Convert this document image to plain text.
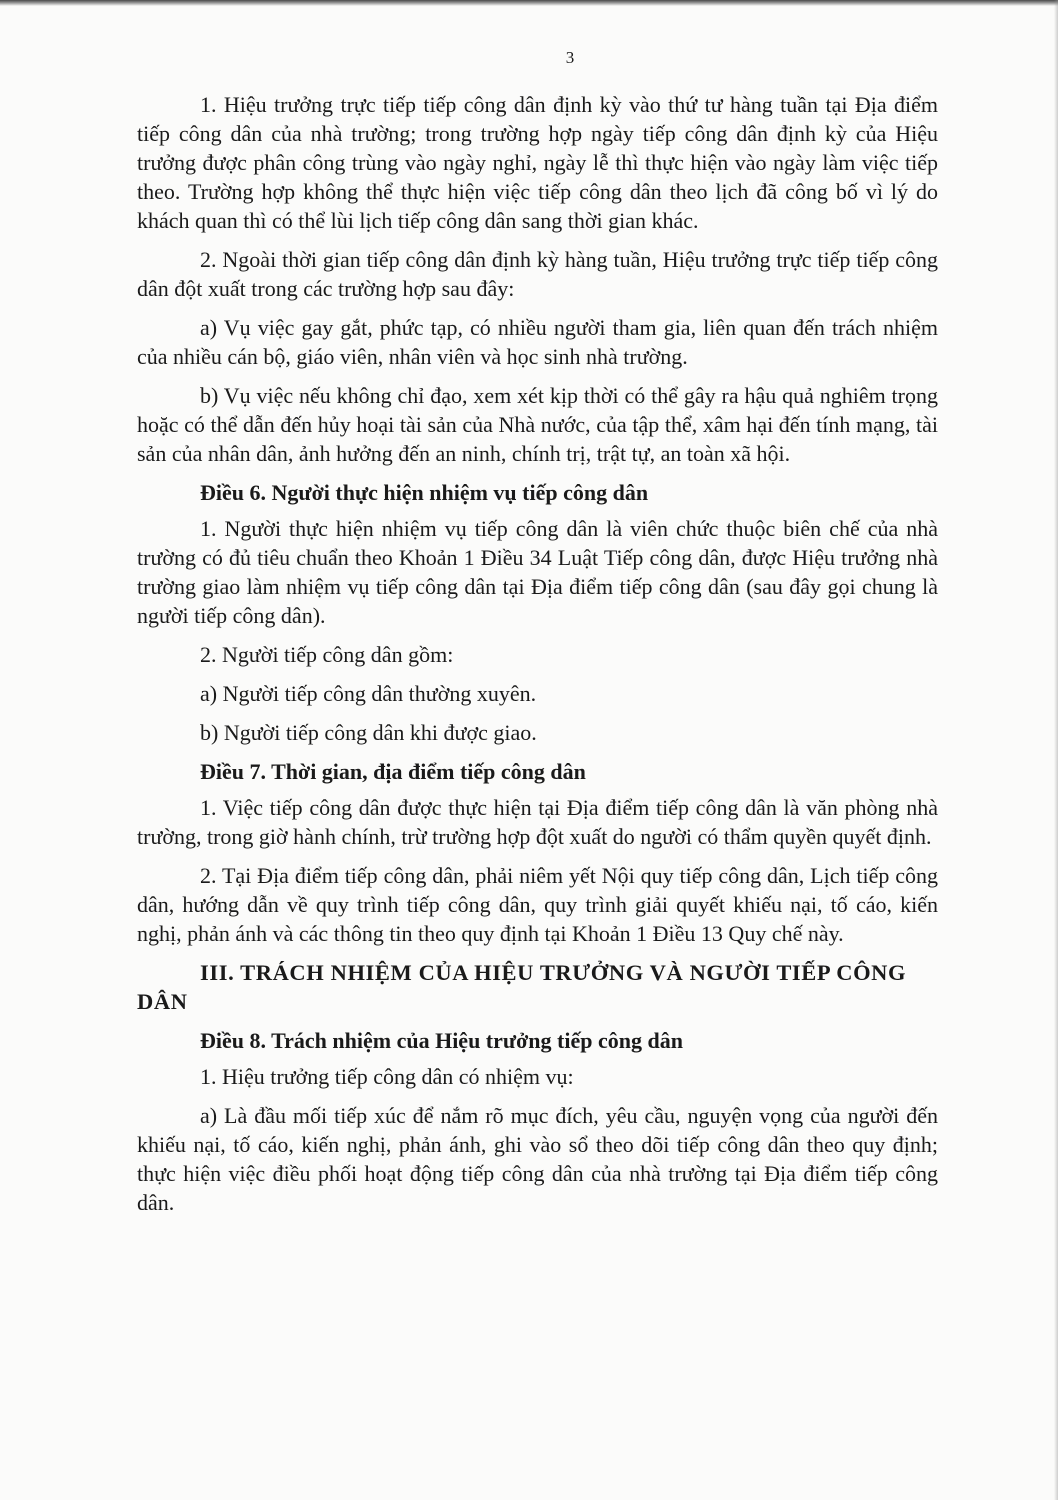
3

1. Hiệu trưởng trực tiếp tiếp công dân định kỳ vào thứ tư hàng tuần tại Địa điểm tiếp công dân của nhà trường; trong trường hợp ngày tiếp công dân định kỳ của Hiệu trưởng được phân công trùng vào ngày nghỉ, ngày lễ thì thực hiện vào ngày làm việc tiếp theo. Trường hợp không thể thực hiện việc tiếp công dân theo lịch đã công bố vì lý do khách quan thì có thể lùi lịch tiếp công dân sang thời gian khác.

2. Ngoài thời gian tiếp công dân định kỳ hàng tuần, Hiệu trưởng trực tiếp tiếp công dân đột xuất trong các trường hợp sau đây:

a) Vụ việc gay gắt, phức tạp, có nhiều người tham gia, liên quan đến trách nhiệm của nhiều cán bộ, giáo viên, nhân viên và học sinh nhà trường.

b) Vụ việc nếu không chỉ đạo, xem xét kịp thời có thể gây ra hậu quả nghiêm trọng hoặc có thể dẫn đến hủy hoại tài sản của Nhà nước, của tập thể, xâm hại đến tính mạng, tài sản của nhân dân, ảnh hưởng đến an ninh, chính trị, trật tự, an toàn xã hội.

Điều 6. Người thực hiện nhiệm vụ tiếp công dân

1. Người thực hiện nhiệm vụ tiếp công dân là viên chức thuộc biên chế của nhà trường có đủ tiêu chuẩn theo Khoản 1 Điều 34 Luật Tiếp công dân, được Hiệu trưởng nhà trường giao làm nhiệm vụ tiếp công dân tại Địa điểm tiếp công dân (sau đây gọi chung là người tiếp công dân).

2. Người tiếp công dân gồm:

a) Người tiếp công dân thường xuyên.

b) Người tiếp công dân khi được giao.

Điều 7. Thời gian, địa điểm tiếp công dân

1. Việc tiếp công dân được thực hiện tại Địa điểm tiếp công dân là văn phòng nhà trường, trong giờ hành chính, trừ trường hợp đột xuất do người có thẩm quyền quyết định.

2. Tại Địa điểm tiếp công dân, phải niêm yết Nội quy tiếp công dân, Lịch tiếp công dân, hướng dẫn về quy trình tiếp công dân, quy trình giải quyết khiếu nại, tố cáo, kiến nghị, phản ánh và các thông tin theo quy định tại Khoản 1 Điều 13 Quy chế này.

III. TRÁCH NHIỆM CỦA HIỆU TRƯỞNG VÀ NGƯỜI TIẾP CÔNG DÂN

Điều 8. Trách nhiệm của Hiệu trưởng tiếp công dân

1. Hiệu trưởng tiếp công dân có nhiệm vụ:

a) Là đầu mối tiếp xúc để nắm rõ mục đích, yêu cầu, nguyện vọng của người đến khiếu nại, tố cáo, kiến nghị, phản ánh, ghi vào sổ theo dõi tiếp công dân theo quy định; thực hiện việc điều phối hoạt động tiếp công dân của nhà trường tại Địa điểm tiếp công dân.
